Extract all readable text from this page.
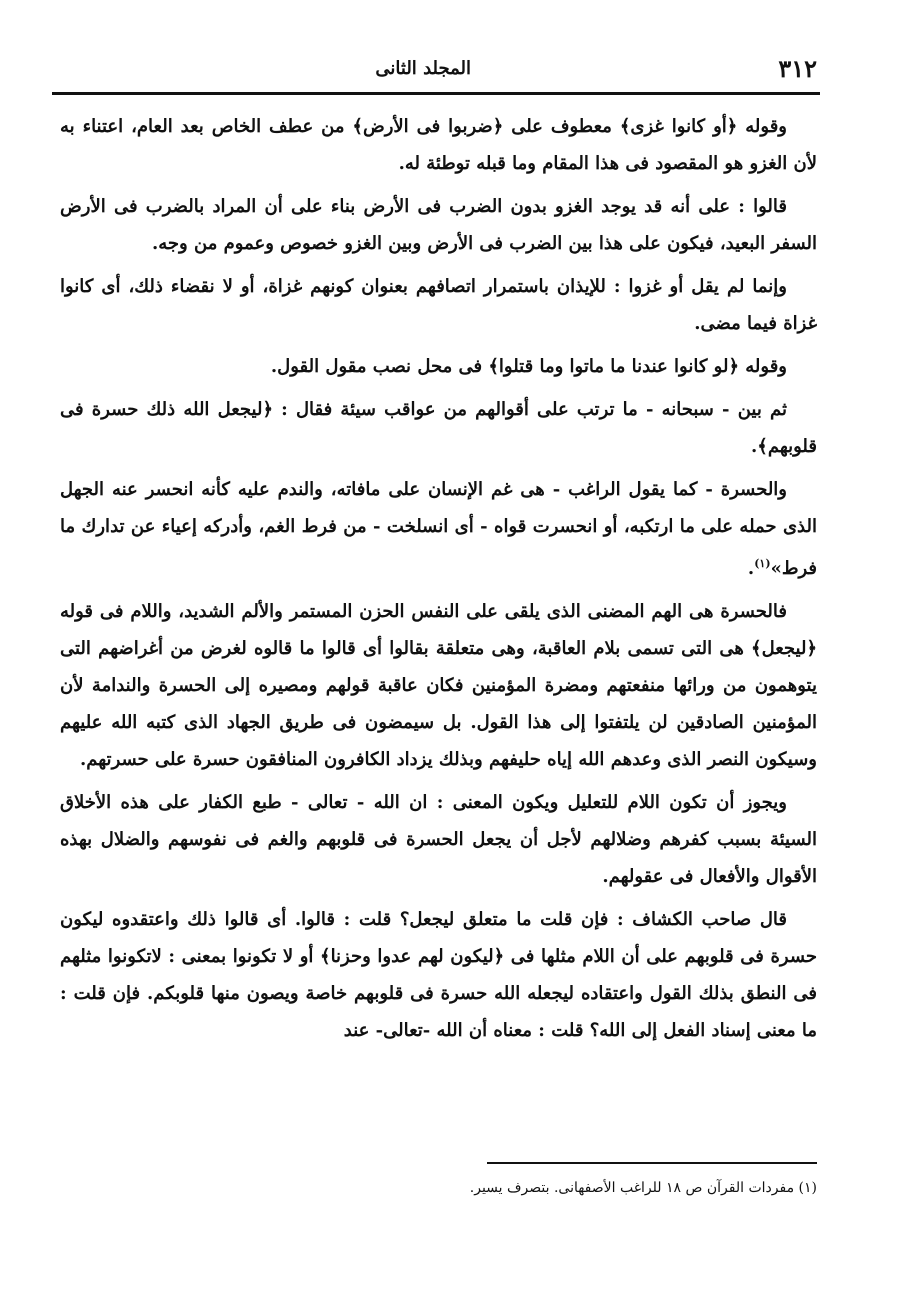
٣١٢
المجلد الثانى

وقوله ﴿أو كانوا غزى﴾ معطوف على ﴿ضربوا فى الأرض﴾ من عطف الخاص بعد العام، اعتناء به لأن الغزو هو المقصود فى هذا المقام وما قبله توطئة له.

قالوا : على أنه قد يوجد الغزو بدون الضرب فى الأرض بناء على أن المراد بالضرب فى الأرض السفر البعيد، فيكون على هذا بين الضرب فى الأرض وبين الغزو خصوص وعموم من وجه.

وإنما لم يقل أو غزوا : للإيذان باستمرار اتصافهم بعنوان كونهم غزاة، أو لا نقضاء ذلك، أى كانوا غزاة فيما مضى.

وقوله ﴿لو كانوا عندنا ما ماتوا وما قتلوا﴾ فى محل نصب مقول القول.

ثم بين - سبحانه - ما ترتب على أقوالهم من عواقب سيئة فقال : ﴿ليجعل الله ذلك حسرة فى قلوبهم﴾.

والحسرة - كما يقول الراغب - هى غم الإنسان على مافاته، والندم عليه كأنه انحسر عنه الجهل الذى حمله على ما ارتكبه، أو انحسرت قواه - أى انسلخت - من فرط الغم، وأدركه إعياء عن تدارك ما فرط»$^{(١)}$.

فالحسرة هى الهم المضنى الذى يلقى على النفس الحزن المستمر والألم الشديد، واللام فى قوله ﴿ليجعل﴾ هى التى تسمى بلام العاقبة، وهى متعلقة بقالوا أى قالوا ما قالوه لغرض من أغراضهم التى يتوهمون من ورائها منفعتهم ومضرة المؤمنين فكان عاقبة قولهم ومصيره إلى الحسرة والندامة لأن المؤمنين الصادقين لن يلتفتوا إلى هذا القول. بل سيمضون فى طريق الجهاد الذى كتبه الله عليهم وسيكون النصر الذى وعدهم الله إياه حليفهم وبذلك يزداد الكافرون المنافقون حسرة على حسرتهم.

ويجوز أن تكون اللام للتعليل ويكون المعنى : ان الله - تعالى - طبع الكفار على هذه الأخلاق السيئة بسبب كفرهم وضلالهم لأجل أن يجعل الحسرة فى قلوبهم والغم فى نفوسهم والضلال بهذه الأقوال والأفعال فى عقولهم.

قال صاحب الكشاف : فإن قلت ما متعلق ليجعل؟ قلت : قالوا. أى قالوا ذلك واعتقدوه ليكون حسرة فى قلوبهم على أن اللام مثلها فى ﴿ليكون لهم عدوا وحزنا﴾ أو لا تكونوا بمعنى : لاتكونوا مثلهم فى النطق بذلك القول واعتقاده ليجعله الله حسرة فى قلوبهم خاصة ويصون منها قلوبكم. فإن قلت : ما معنى إسناد الفعل إلى الله؟ قلت : معناه أن الله -تعالى- عند

(١) مفردات القرآن ص ١٨ للراغب الأصفهانى. بتصرف يسير.
